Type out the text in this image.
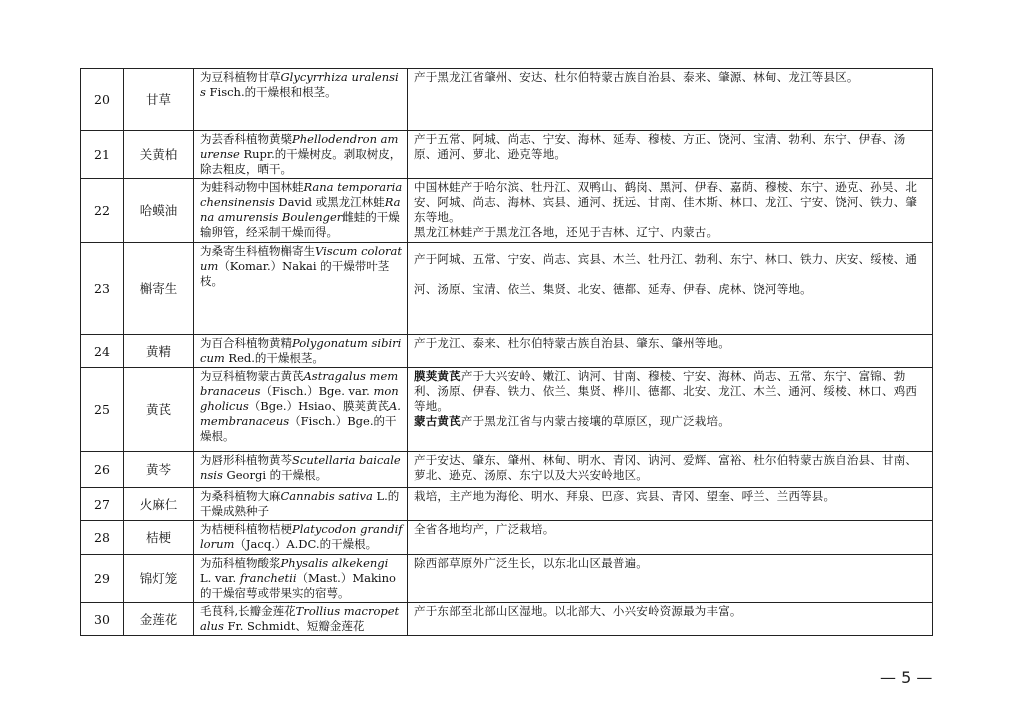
20	甘草	为豆科植物甘草Glycyrrhiza uralensis Fisch.的干燥根和根茎。	产于黑龙江省肇州、安达、杜尔伯特蒙古族自治县、泰来、肇源、林甸、龙江等县区。

21	关黄柏	为芸香科植物黄檗Phellodendron amurense Rupr.的干燥树皮。剥取树皮，除去粗皮，晒干。	产于五常、阿城、尚志、宁安、海林、延寿、穆棱、方正、饶河、宝清、勃利、东宁、伊春、汤原、通河、萝北、逊克等地。

22	哈蟆油	为蛙科动物中国林蛙Rana temporaria chensinensis David 或黑龙江林蛙Rana amurensis Boulenger雌蛙的干燥输卵管，经采制干燥而得。	中国林蛙产于哈尔滨、牡丹江、双鸭山、鹤岗、黑河、伊春、嘉荫、穆棱、东宁、逊克、孙吴、北安、阿城、尚志、海林、宾县、通河、抚远、甘南、佳木斯、林口、龙江、宁安、饶河、铁力、肇东等地。
黑龙江林蛙产于黑龙江各地，还见于吉林、辽宁、内蒙古。

23	槲寄生	为桑寄生科植物槲寄生Viscum coloratum（Komar.）Nakai 的干燥带叶茎枝。	产于阿城、五常、宁安、尚志、宾县、木兰、牡丹江、勃利、东宁、林口、铁力、庆安、绥棱、通河、汤原、宝清、依兰、集贤、北安、德都、延寿、伊春、虎林、饶河等地。

24	黄精	为百合科植物黄精Polygonatum sibiricum Red.的干燥根茎。	产于龙江、泰来、杜尔伯特蒙古族自治县、肇东、肇州等地。

25	黄芪	为豆科植物蒙古黄芪Astragalus membranaceus（Fisch.）Bge. var. mongholicus（Bge.）Hsiao、膜荚黄芪A. membranaceus（Fisch.）Bge.的干燥根。	膜荚黄芪产于大兴安岭、嫩江、讷河、甘南、穆棱、宁安、海林、尚志、五常、东宁、富锦、勃利、汤原、伊春、铁力、依兰、集贤、桦川、德都、北安、龙江、木兰、通河、绥棱、林口、鸡西等地。
蒙古黄芪产于黑龙江省与内蒙古接壤的草原区，现广泛栽培。

26	黄芩	为唇形科植物黄芩Scutellaria baicalensis Georgi 的干燥根。	产于安达、肇东、肇州、林甸、明水、青冈、讷河、爱辉、富裕、杜尔伯特蒙古族自治县、甘南、萝北、逊克、汤原、东宁以及大兴安岭地区。

27	火麻仁	为桑科植物大麻Cannabis sativa L.的干燥成熟种子	栽培，主产地为海伦、明水、拜泉、巴彦、宾县、青冈、望奎、呼兰、兰西等县。

28	桔梗	为桔梗科植物桔梗Platycodon grandiflorum（Jacq.）A.DC.的干燥根。	全省各地均产，广泛栽培。

29	锦灯笼	为茄科植物酸浆Physalis alkekengi L. var. franchetii（Mast.）Makino 的干燥宿萼或带果实的宿萼。	除西部草原外广泛生长，以东北山区最普遍。

30	金莲花	毛茛科,长瓣金莲花Trollius macropetalus Fr. Schmidt、短瓣金莲花	产于东部至北部山区湿地。以北部大、小兴安岭资源最为丰富。
— 5 —
